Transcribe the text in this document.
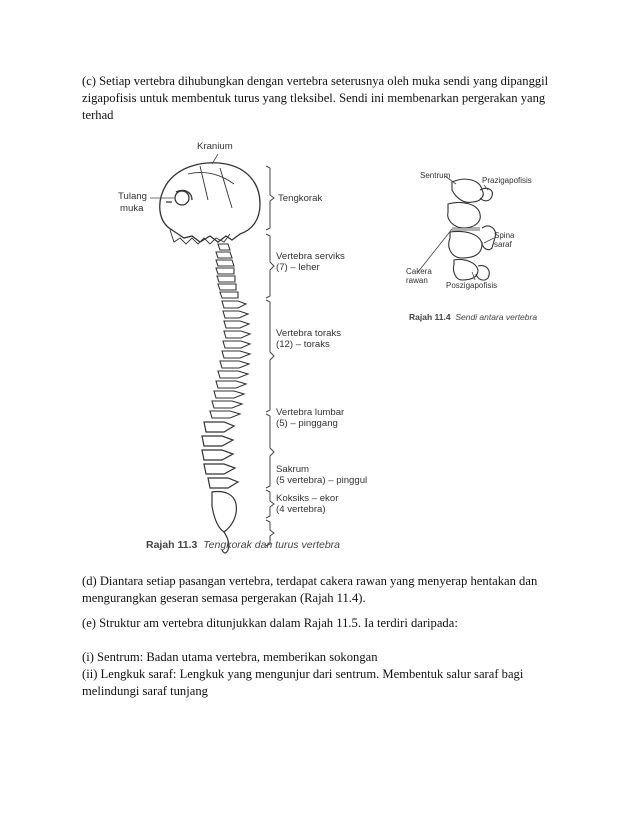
(c) Setiap vertebra dihubungkan dengan vertebra seterusnya oleh muka sendi yang dipanggil zigapofisis untuk membentuk turus yang tleksibel. Sendi ini membenarkan pergerakan yang terhad

Kranium
Tulang
muka
Tengkorak
Vertebra serviks
(7) – leher
Vertebra toraks
(12) – toraks
Vertebra lumbar
(5) – pinggang
Sakrum
(5 vertebra) – pinggul
Koksiks – ekor
(4 vertebra)
Rajah 11.3 Tengkorak dan turus vertebra
Sentrum
Prazigapofisis
Spina
saraf
Cakera
rawan
Poszigapofisis
Rajah 11.4 Sendi antara vertebra

(d) Diantara setiap pasangan vertebra, terdapat cakera rawan yang menyerap hentakan dan mengurangkan geseran semasa pergerakan (Rajah 11.4).

(e) Struktur am vertebra ditunjukkan dalam Rajah 11.5. Ia terdiri daripada:

(i) Sentrum: Badan utama vertebra, memberikan sokongan

(ii) Lengkuk saraf: Lengkuk yang mengunjur dari sentrum. Membentuk salur saraf bagi melindungi saraf tunjang
